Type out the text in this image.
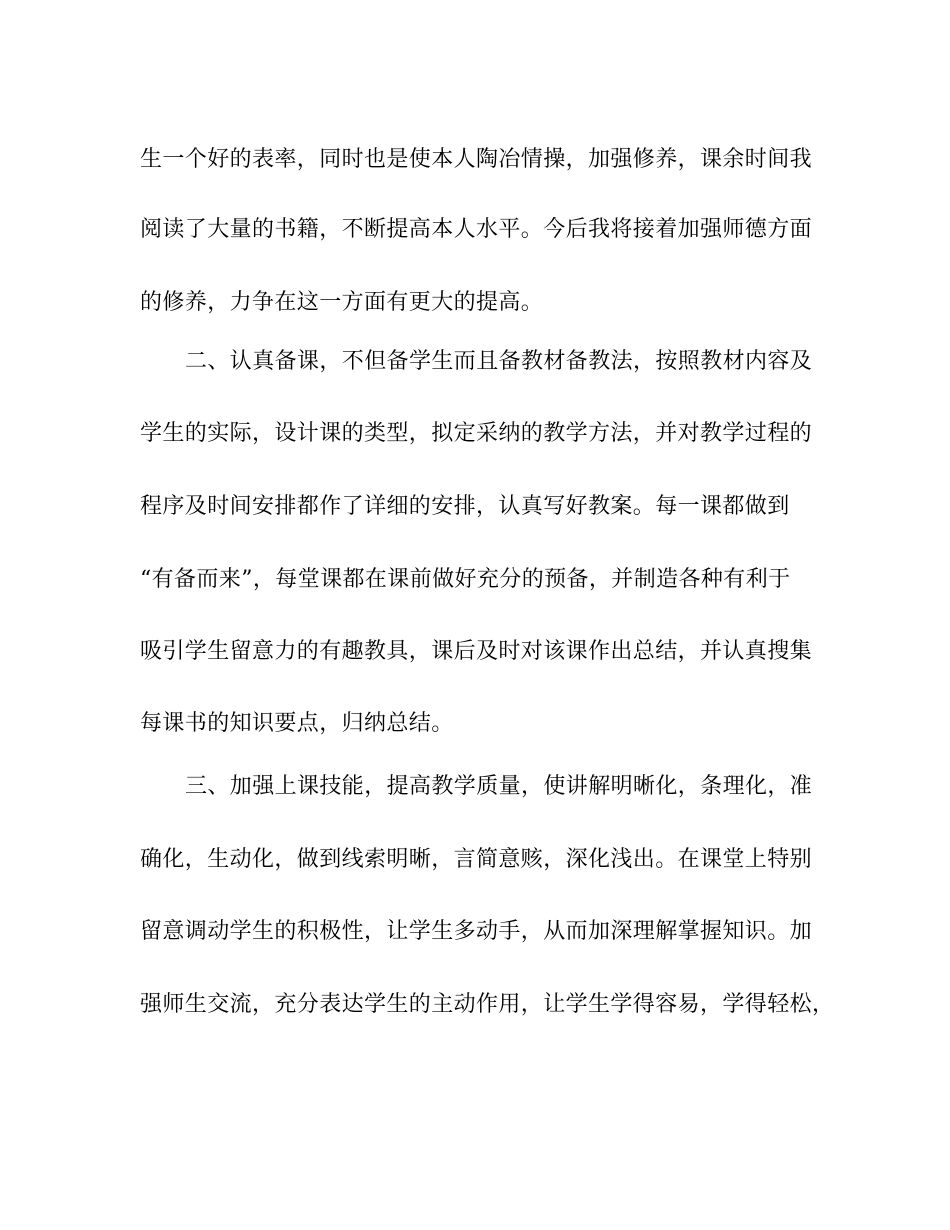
生一个好的表率，同时也是使本人陶冶情操，加强修养，课余时间我
阅读了大量的书籍，不断提高本人水平。今后我将接着加强师德方面
的修养，力争在这一方面有更大的提高。
二、认真备课，不但备学生而且备教材备教法，按照教材内容及
学生的实际，设计课的类型，拟定采纳的教学方法，并对教学过程的
程序及时间安排都作了详细的安排，认真写好教案。每一课都做到
“有备而来”，每堂课都在课前做好充分的预备，并制造各种有利于
吸引学生留意力的有趣教具，课后及时对该课作出总结，并认真搜集
每课书的知识要点，归纳总结。
三、加强上课技能，提高教学质量，使讲解明晰化，条理化，准
确化，生动化，做到线索明晰，言简意赅，深化浅出。在课堂上特别
留意调动学生的积极性，让学生多动手，从而加深理解掌握知识。加
强师生交流，充分表达学生的主动作用，让学生学得容易，学得轻松，
